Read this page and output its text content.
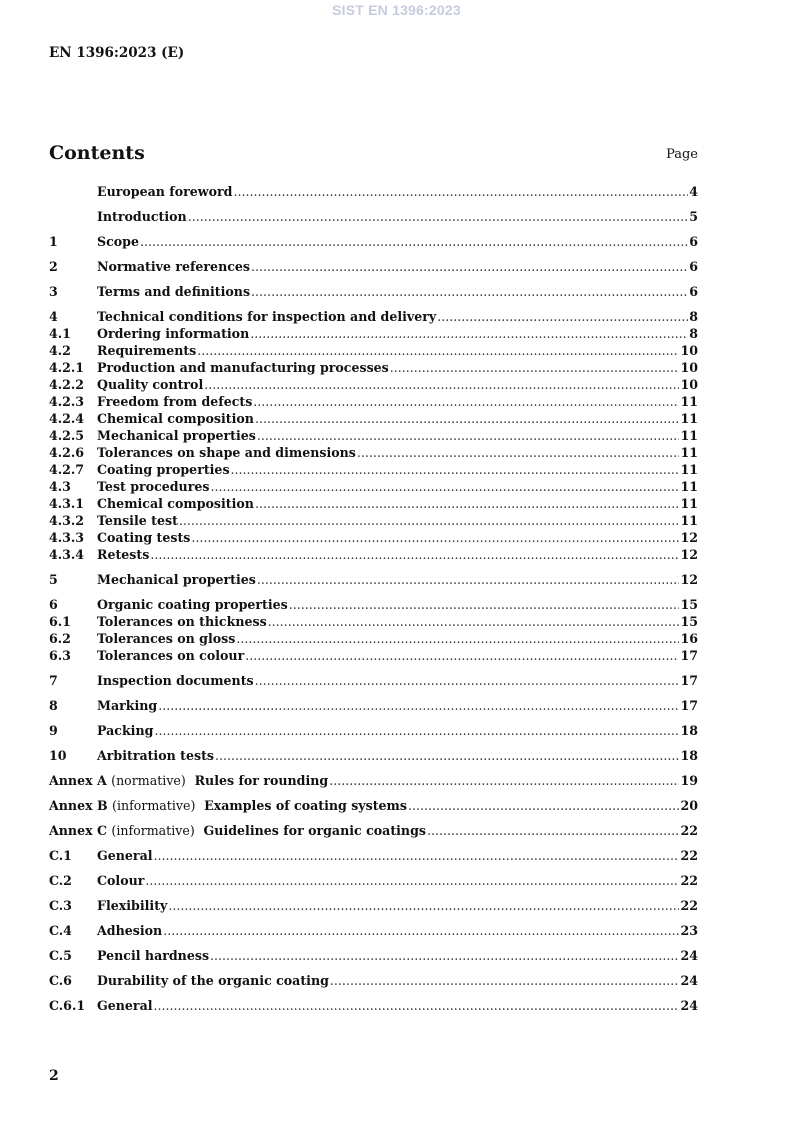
SIST EN 1396:2023
EN 1396:2023 (E)
Contents	Page
European foreword .....	4
Introduction .....	5
1	Scope .....	6
2	Normative references .....	6
3	Terms and definitions .....	6
4	Technical conditions for inspection and delivery .....	8
4.1	Ordering information .....	8
4.2	Requirements .....	10
4.2.1	Production and manufacturing processes .....	10
4.2.2	Quality control .....	10
4.2.3	Freedom from defects .....	11
4.2.4	Chemical composition .....	11
4.2.5	Mechanical properties .....	11
4.2.6	Tolerances on shape and dimensions .....	11
4.2.7	Coating properties .....	11
4.3	Test procedures .....	11
4.3.1	Chemical composition .....	11
4.3.2	Tensile test .....	11
4.3.3	Coating tests .....	12
4.3.4	Retests .....	12
5	Mechanical properties .....	12
6	Organic coating properties .....	15
6.1	Tolerances on thickness .....	15
6.2	Tolerances on gloss .....	16
6.3	Tolerances on colour .....	17
7	Inspection documents .....	17
8	Marking .....	17
9	Packing .....	18
10	Arbitration tests .....	18
Annex A (normative) Rules for rounding .....	19
Annex B (informative) Examples of coating systems .....	20
Annex C (informative) Guidelines for organic coatings .....	22
C.1	General .....	22
C.2	Colour .....	22
C.3	Flexibility .....	22
C.4	Adhesion .....	23
C.5	Pencil hardness .....	24
C.6	Durability of the organic coating .....	24
C.6.1 General .....	24
2
